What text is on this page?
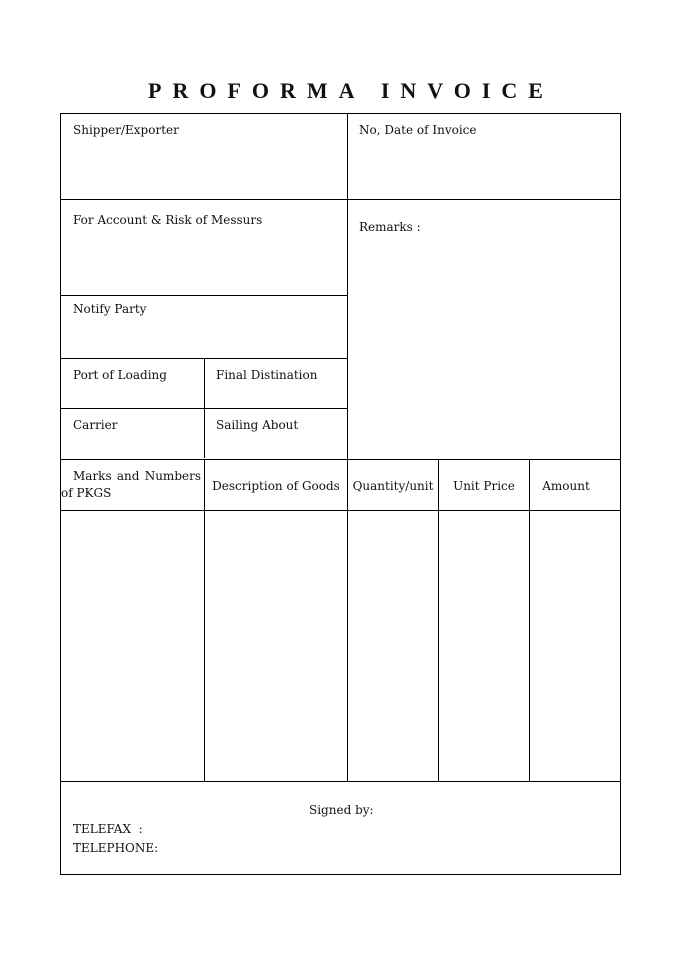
PROFORMA INVOICE
Shipper/Exporter	No, Date of Invoice
For Account & Risk of Messurs	Remarks :
Notify Party
Port of Loading	Final Distination
Carrier	Sailing About
Marks and Numbers
of PKGS	Description of Goods	Quantity/unit	Unit Price	Amount
Signed by:
TELEFAX  :
TELEPHONE:
